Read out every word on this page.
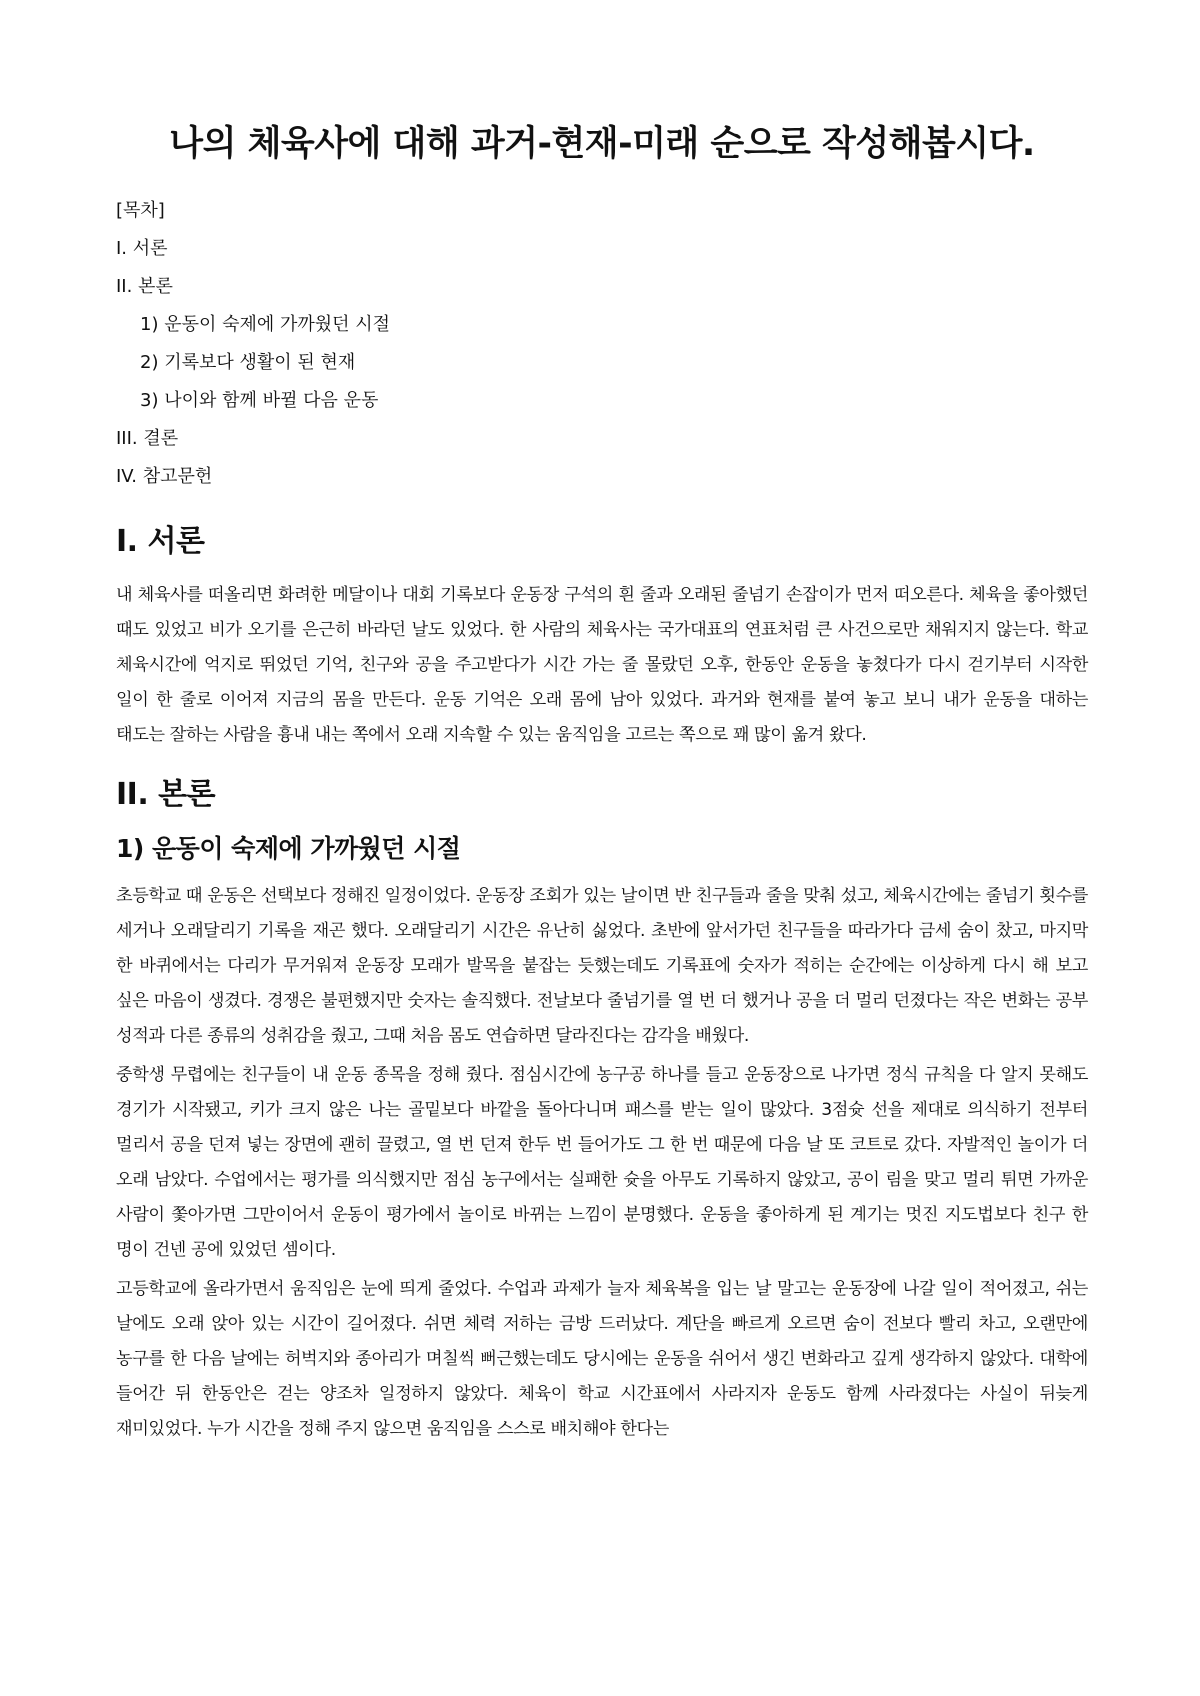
나의 체육사에 대해 과거-현재-미래 순으로 작성해봅시다.
[목차]
I. 서론
II. 본론
1) 운동이 숙제에 가까웠던 시절
2) 기록보다 생활이 된 현재
3) 나이와 함께 바뀔 다음 운동
III. 결론
IV. 참고문헌
I. 서론

내 체육사를 떠올리면 화려한 메달이나 대회 기록보다 운동장 구석의 흰 줄과 오래된 줄넘기 손잡이가 먼저 떠오른다. 체육을 좋아했던 때도 있었고 비가 오기를 은근히 바라던 날도 있었다. 한 사람의 체육사는 국가대표의 연표처럼 큰 사건으로만 채워지지 않는다. 학교 체육시간에 억지로 뛰었던 기억, 친구와 공을 주고받다가 시간 가는 줄 몰랐던 오후, 한동안 운동을 놓쳤다가 다시 걷기부터 시작한 일이 한 줄로 이어져 지금의 몸을 만든다. 운동 기억은 오래 몸에 남아 있었다. 과거와 현재를 붙여 놓고 보니 내가 운동을 대하는 태도는 잘하는 사람을 흉내 내는 쪽에서 오래 지속할 수 있는 움직임을 고르는 쪽으로 꽤 많이 옮겨 왔다.

II. 본론
1) 운동이 숙제에 가까웠던 시절

초등학교 때 운동은 선택보다 정해진 일정이었다. 운동장 조회가 있는 날이면 반 친구들과 줄을 맞춰 섰고, 체육시간에는 줄넘기 횟수를 세거나 오래달리기 기록을 재곤 했다. 오래달리기 시간은 유난히 싫었다. 초반에 앞서가던 친구들을 따라가다 금세 숨이 찼고, 마지막 한 바퀴에서는 다리가 무거워져 운동장 모래가 발목을 붙잡는 듯했는데도 기록표에 숫자가 적히는 순간에는 이상하게 다시 해 보고 싶은 마음이 생겼다. 경쟁은 불편했지만 숫자는 솔직했다. 전날보다 줄넘기를 열 번 더 했거나 공을 더 멀리 던졌다는 작은 변화는 공부 성적과 다른 종류의 성취감을 줬고, 그때 처음 몸도 연습하면 달라진다는 감각을 배웠다.

중학생 무렵에는 친구들이 내 운동 종목을 정해 줬다. 점심시간에 농구공 하나를 들고 운동장으로 나가면 정식 규칙을 다 알지 못해도 경기가 시작됐고, 키가 크지 않은 나는 골밑보다 바깥을 돌아다니며 패스를 받는 일이 많았다. 3점슛 선을 제대로 의식하기 전부터 멀리서 공을 던져 넣는 장면에 괜히 끌렸고, 열 번 던져 한두 번 들어가도 그 한 번 때문에 다음 날 또 코트로 갔다. 자발적인 놀이가 더 오래 남았다. 수업에서는 평가를 의식했지만 점심 농구에서는 실패한 슛을 아무도 기록하지 않았고, 공이 림을 맞고 멀리 튀면 가까운 사람이 쫓아가면 그만이어서 운동이 평가에서 놀이로 바뀌는 느낌이 분명했다. 운동을 좋아하게 된 계기는 멋진 지도법보다 친구 한 명이 건넨 공에 있었던 셈이다.

고등학교에 올라가면서 움직임은 눈에 띄게 줄었다. 수업과 과제가 늘자 체육복을 입는 날 말고는 운동장에 나갈 일이 적어졌고, 쉬는 날에도 오래 앉아 있는 시간이 길어졌다. 쉬면 체력 저하는 금방 드러났다. 계단을 빠르게 오르면 숨이 전보다 빨리 차고, 오랜만에 농구를 한 다음 날에는 허벅지와 종아리가 며칠씩 뻐근했는데도 당시에는 운동을 쉬어서 생긴 변화라고 깊게 생각하지 않았다. 대학에 들어간 뒤 한동안은 걷는 양조차 일정하지 않았다. 체육이 학교 시간표에서 사라지자 운동도 함께 사라졌다는 사실이 뒤늦게 재미있었다. 누가 시간을 정해 주지 않으면 움직임을 스스로 배치해야 한다는
